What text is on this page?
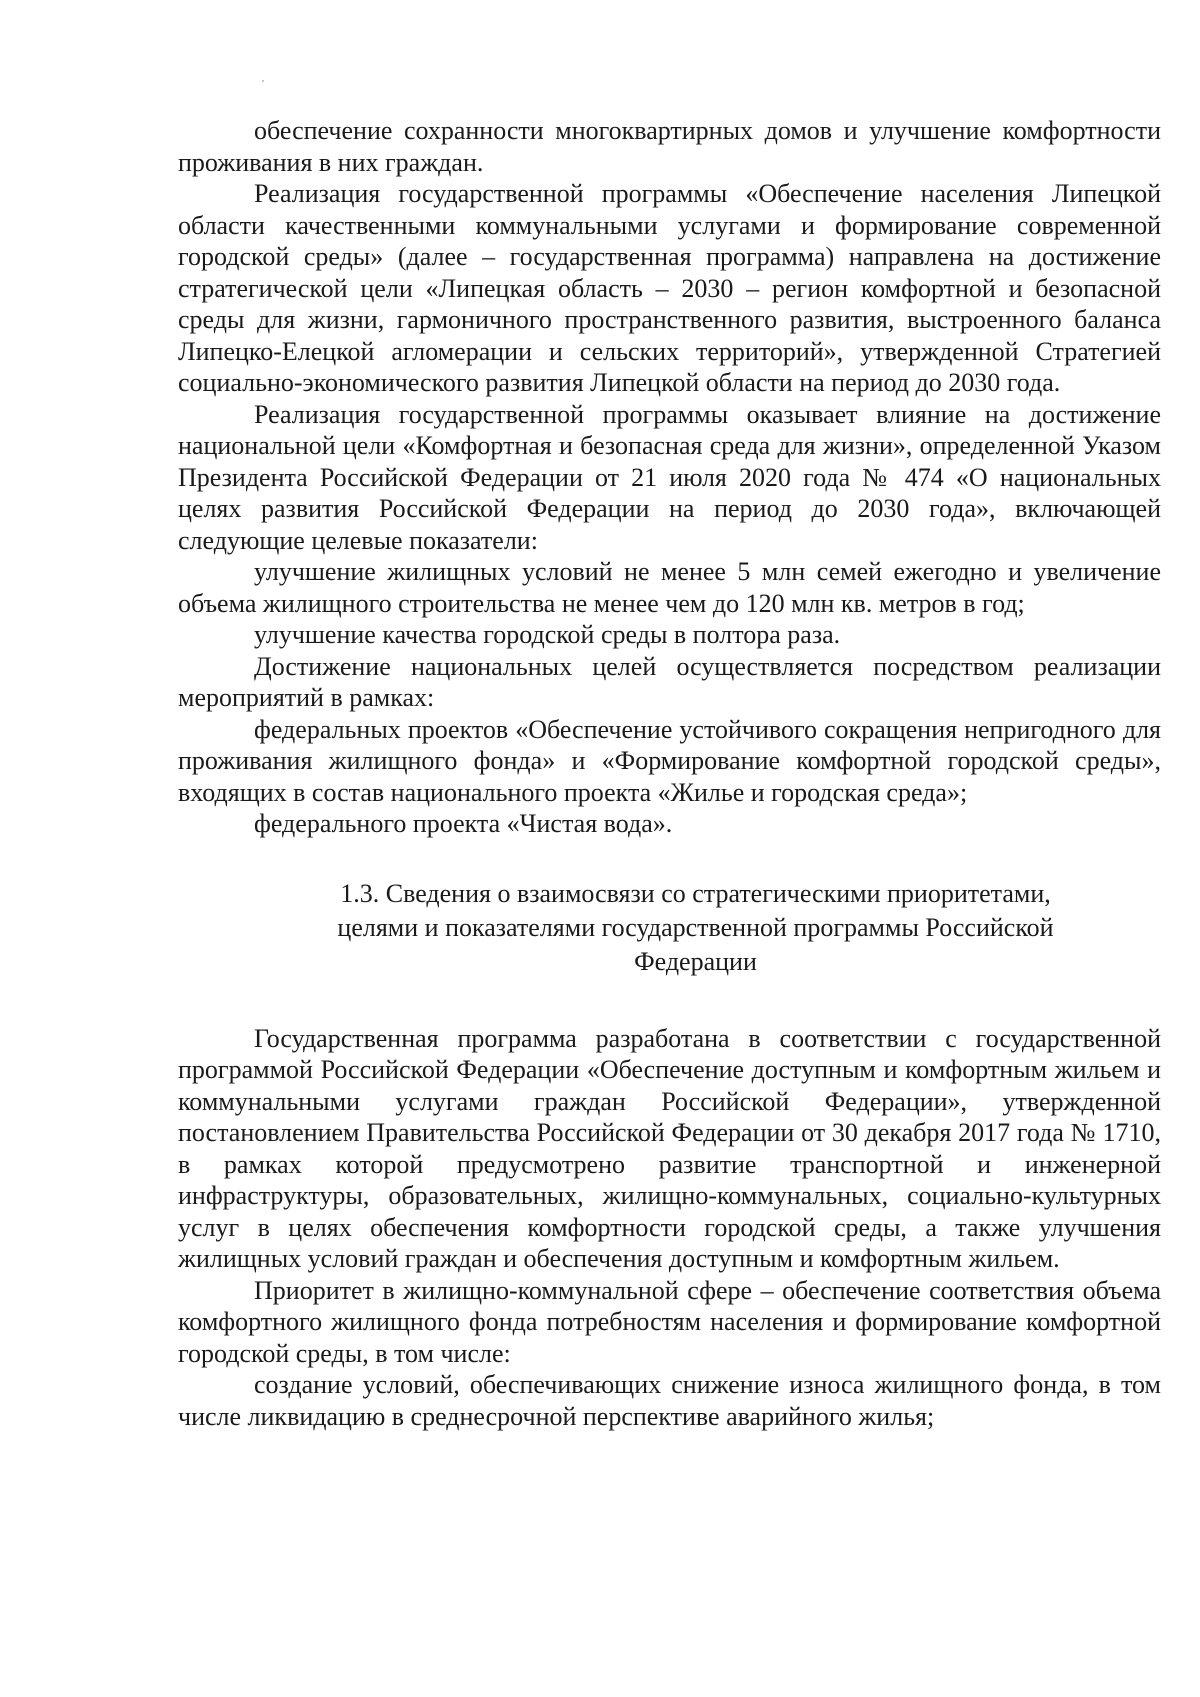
обеспечение сохранности многоквартирных домов и улучшение комфортности проживания в них граждан.

Реализация государственной программы «Обеспечение населения Липецкой области качественными коммунальными услугами и формирование современной городской среды» (далее – государственная программа) направлена на достижение стратегической цели «Липецкая область – 2030 – регион комфортной и безопасной среды для жизни, гармоничного пространственного развития, выстроенного баланса Липецко-Елецкой агломерации и сельских территорий», утвержденной Стратегией социально-экономического развития Липецкой области на период до 2030 года.

Реализация государственной программы оказывает влияние на достижение национальной цели «Комфортная и безопасная среда для жизни», определенной Указом Президента Российской Федерации от 21 июля 2020 года № 474 «О национальных целях развития Российской Федерации на период до 2030 года», включающей следующие целевые показатели:

улучшение жилищных условий не менее 5 млн семей ежегодно и увеличение объема жилищного строительства не менее чем до 120 млн кв. метров в год;

улучшение качества городской среды в полтора раза.

Достижение национальных целей осуществляется посредством реализации мероприятий в рамках:

федеральных проектов «Обеспечение устойчивого сокращения непригодного для проживания жилищного фонда» и «Формирование комфортной городской среды», входящих в состав национального проекта «Жилье и городская среда»;

федерального проекта «Чистая вода».

1.3. Сведения о взаимосвязи со стратегическими приоритетами,
целями и показателями государственной программы Российской
Федерации

Государственная программа разработана в соответствии с государственной программой Российской Федерации «Обеспечение доступным и комфортным жильем и коммунальными услугами граждан Российской Федерации», утвержденной постановлением Правительства Российской Федерации от 30 декабря 2017 года № 1710, в рамках которой предусмотрено развитие транспортной и инженерной инфраструктуры, образовательных, жилищно-коммунальных, социально-культурных услуг в целях обеспечения комфортности городской среды, а также улучшения жилищных условий граждан и обеспечения доступным и комфортным жильем.

Приоритет в жилищно-коммунальной сфере – обеспечение соответствия объема комфортного жилищного фонда потребностям населения и формирование комфортной городской среды, в том числе:

создание условий, обеспечивающих снижение износа жилищного фонда, в том числе ликвидацию в среднесрочной перспективе аварийного жилья;
